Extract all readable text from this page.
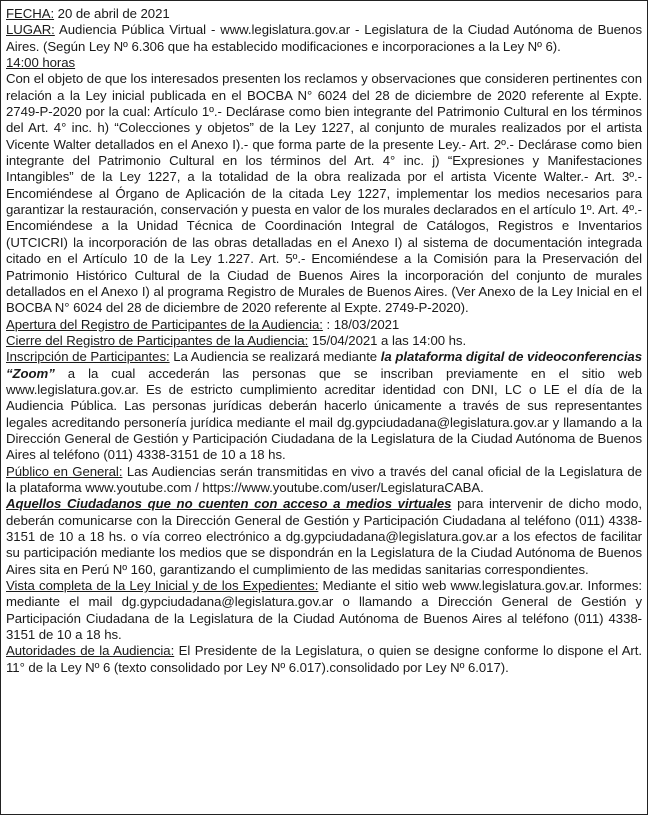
FECHA: 20 de abril de 2021

LUGAR: Audiencia Pública Virtual - www.legislatura.gov.ar - Legislatura de la Ciudad Autónoma de Buenos Aires. (Según Ley Nº 6.306 que ha establecido modificaciones e incorporaciones a la Ley Nº 6).

14:00 horas

Con el objeto de que los interesados presenten los reclamos y observaciones que consideren pertinentes con relación a la Ley inicial publicada en el BOCBA N° 6024 del 28 de diciembre de 2020 referente al Expte. 2749-P-2020 por la cual: Artículo 1º.- Declárase como bien integrante del Patrimonio Cultural en los términos del Art. 4° inc. h) “Colecciones y objetos” de la Ley 1227, al conjunto de murales realizados por el artista Vicente Walter detallados en el Anexo I).- que forma parte de la presente Ley.- Art. 2º.- Declárase como bien integrante del Patrimonio Cultural en los términos del Art. 4° inc. j) “Expresiones y Manifestaciones Intangibles” de la Ley 1227, a la totalidad de la obra realizada por el artista Vicente Walter.- Art. 3º.- Encomiéndese al Órgano de Aplicación de la citada Ley 1227, implementar los medios necesarios para garantizar la restauración, conservación y puesta en valor de los murales declarados en el artículo 1º. Art. 4º.- Encomiéndese a la Unidad Técnica de Coordinación Integral de Catálogos, Registros e Inventarios (UTCICRI) la incorporación de las obras detalladas en el Anexo I) al sistema de documentación integrada citado en el Artículo 10 de la Ley 1.227. Art. 5º.- Encomiéndese a la Comisión para la Preservación del Patrimonio Histórico Cultural de la Ciudad de Buenos Aires la incorporación del conjunto de murales detallados en el Anexo I) al programa Registro de Murales de Buenos Aires. (Ver Anexo de la Ley Inicial en el BOCBA N° 6024 del 28 de diciembre de 2020 referente al Expte. 2749-P-2020).

Apertura del Registro de Participantes de la Audiencia: : 18/03/2021

Cierre del Registro de Participantes de la Audiencia: 15/04/2021 a las 14:00 hs.

Inscripción de Participantes: La Audiencia se realizará mediante la plataforma digital de videoconferencias “Zoom” a la cual accederán las personas que se inscriban previamente en el sitio web www.legislatura.gov.ar. Es de estricto cumplimiento acreditar identidad con DNI, LC o LE el día de la Audiencia Pública. Las personas jurídicas deberán hacerlo únicamente a través de sus representantes legales acreditando personería jurídica mediante el mail dg.gypciudadana@legislatura.gov.ar y llamando a la Dirección General de Gestión y Participación Ciudadana de la Legislatura de la Ciudad Autónoma de Buenos Aires al teléfono (011) 4338-3151 de 10 a 18 hs.

Público en General: Las Audiencias serán transmitidas en vivo a través del canal oficial de la Legislatura de la plataforma www.youtube.com / https://www.youtube.com/user/LegislaturaCABA.

Aquellos Ciudadanos que no cuenten con acceso a medios virtuales para intervenir de dicho modo, deberán comunicarse con la Dirección General de Gestión y Participación Ciudadana al teléfono (011) 4338-3151 de 10 a 18 hs. o vía correo electrónico a dg.gypciudadana@legislatura.gov.ar a los efectos de facilitar su participación mediante los medios que se dispondrán en la Legislatura de la Ciudad Autónoma de Buenos Aires sita en Perú Nº 160, garantizando el cumplimiento de las medidas sanitarias correspondientes.

Vista completa de la Ley Inicial y de los Expedientes: Mediante el sitio web www.legislatura.gov.ar. Informes: mediante el mail dg.gypciudadana@legislatura.gov.ar o llamando a Dirección General de Gestión y Participación Ciudadana de la Legislatura de la Ciudad Autónoma de Buenos Aires al teléfono (011) 4338-3151 de 10 a 18 hs.

Autoridades de la Audiencia: El Presidente de la Legislatura, o quien se designe conforme lo dispone el Art. 11° de la Ley Nº 6 (texto consolidado por Ley Nº 6.017).consolidado por Ley Nº 6.017).
